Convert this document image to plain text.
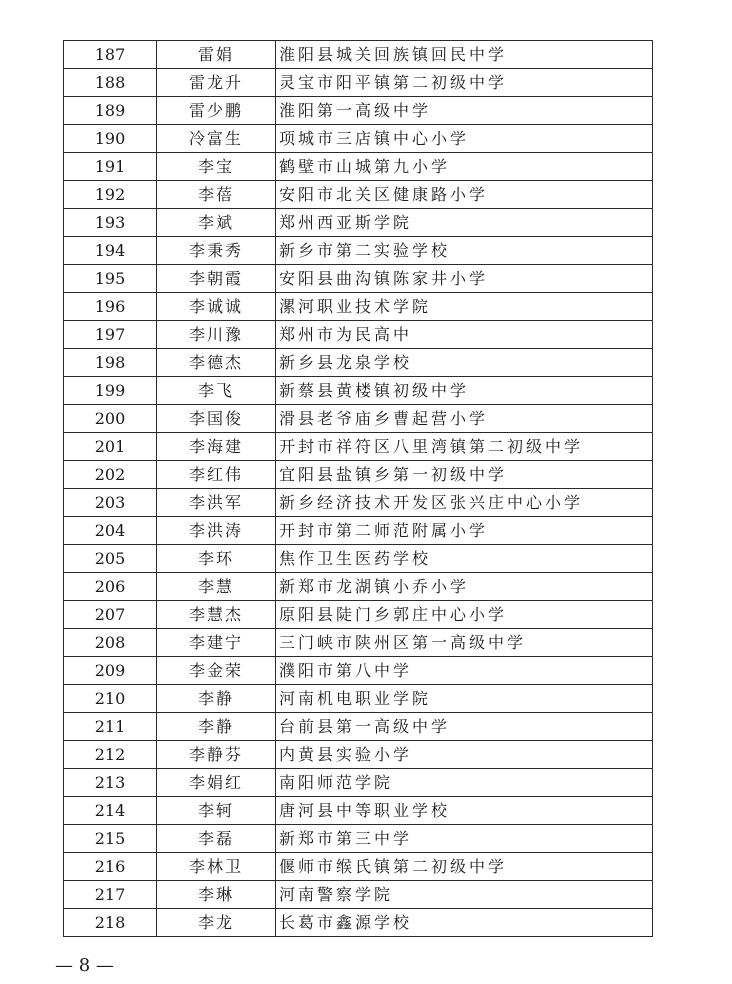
187	雷娟	淮阳县城关回族镇回民中学
188	雷龙升	灵宝市阳平镇第二初级中学
189	雷少鹏	淮阳第一高级中学
190	冷富生	项城市三店镇中心小学
191	李宝	鹤壁市山城第九小学
192	李蓓	安阳市北关区健康路小学
193	李斌	郑州西亚斯学院
194	李秉秀	新乡市第二实验学校
195	李朝霞	安阳县曲沟镇陈家井小学
196	李诚诚	漯河职业技术学院
197	李川豫	郑州市为民高中
198	李德杰	新乡县龙泉学校
199	李飞	新蔡县黄楼镇初级中学
200	李国俊	滑县老爷庙乡曹起营小学
201	李海建	开封市祥符区八里湾镇第二初级中学
202	李红伟	宜阳县盐镇乡第一初级中学
203	李洪军	新乡经济技术开发区张兴庄中心小学
204	李洪涛	开封市第二师范附属小学
205	李环	焦作卫生医药学校
206	李慧	新郑市龙湖镇小乔小学
207	李慧杰	原阳县陡门乡郭庄中心小学
208	李建宁	三门峡市陕州区第一高级中学
209	李金荣	濮阳市第八中学
210	李静	河南机电职业学院
211	李静	台前县第一高级中学
212	李静芬	内黄县实验小学
213	李娟红	南阳师范学院
214	李轲	唐河县中等职业学校
215	李磊	新郑市第三中学
216	李林卫	偃师市缑氏镇第二初级中学
217	李琳	河南警察学院
218	李龙	长葛市鑫源学校
— 8 —
